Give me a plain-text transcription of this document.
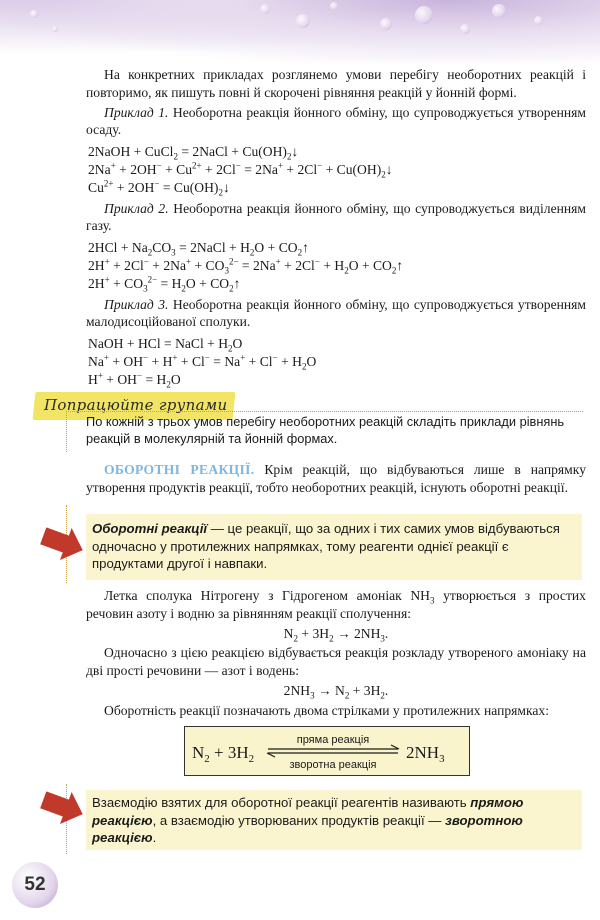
На конкретних прикладах розглянемо умови перебігу необоротних реакцій і повторимо, як пишуть повні й скорочені рівняння реакцій у йонній формі.

Приклад 1. Необоротна реакція йонного обміну, що супроводжується утворенням осаду.

2NaOH + CuCl$_2$ = 2NaCl + $Cu(OH)_2↓$
$2Na^+ + 2OH^- + Cu^{2+} + 2Cl^- = 2Na^+ + 2Cl^-$ + $Cu(OH)_2↓$
$Cu^{2+} + 2OH^-$ = $Cu(OH)_2↓$

Приклад 2. Необоротна реакція йонного обміну, що супроводжується виділенням газу.

$2HCl + Na_2CO_3$ = 2NaCl + $H_2O$ + $CO_2↑$
$2H^+ + 2Cl^- + 2Na^+ + CO_3^{2-} = 2Na^+ + 2Cl^- + H_2O$ + $CO_2↑$
$2H^+ + CO_3^{2-} = H_2O$ + $CO_2↑$

Приклад 3. Необоротна реакція йонного обміну, що супроводжується утворенням малодисоційованої сполуки.

NaOH + HCl = NaCl + $H_2O$
$Na^+ + OH^- + H^+ + Cl^- = Na^+ + Cl^- + H_2O$
$H^+ + OH^- = H_2O$
Попрацюйте групами
По кожній з трьох умов перебігу необоротних реакцій складіть приклади рівнянь реакцій в молекулярній та йонній формах.

ОБОРОТНІ РЕАКЦІЇ. Крім реакцій, що відбуваються лише в напрямку утворення продуктів реакції, тобто необоротних реакцій, існують оборотні реакції.

Оборотні реакції — це реакції, що за одних і тих самих умов відбуваються одночасно у протилежних напрямках, тому реагенти однієї реакції є продуктами другої і навпаки.

Летка сполука Нітрогену з Гідрогеном амоніак $NH_3$ утворюється з простих речовин азоту і водню за рівнянням реакції сполучення:

$N_2 + 3H_2 \to 2NH_3$.

Одночасно з цією реакцією відбувається реакція розкладу утвореного амоніаку на дві прості речовини — азот і водень:

$2NH_3 \to N_2 + 3H_2$.

Оборотність реакції позначають двома стрілками у протилежних напрямках:

$N_2 + 3H_2$
пряма реакція
зворотна реакція
$2NH_3$
Взаємодію взятих для оборотної реакції реагентів називають прямою реакцією, а взаємодію утворюваних продуктів реакції — зворотною реакцією.
52
